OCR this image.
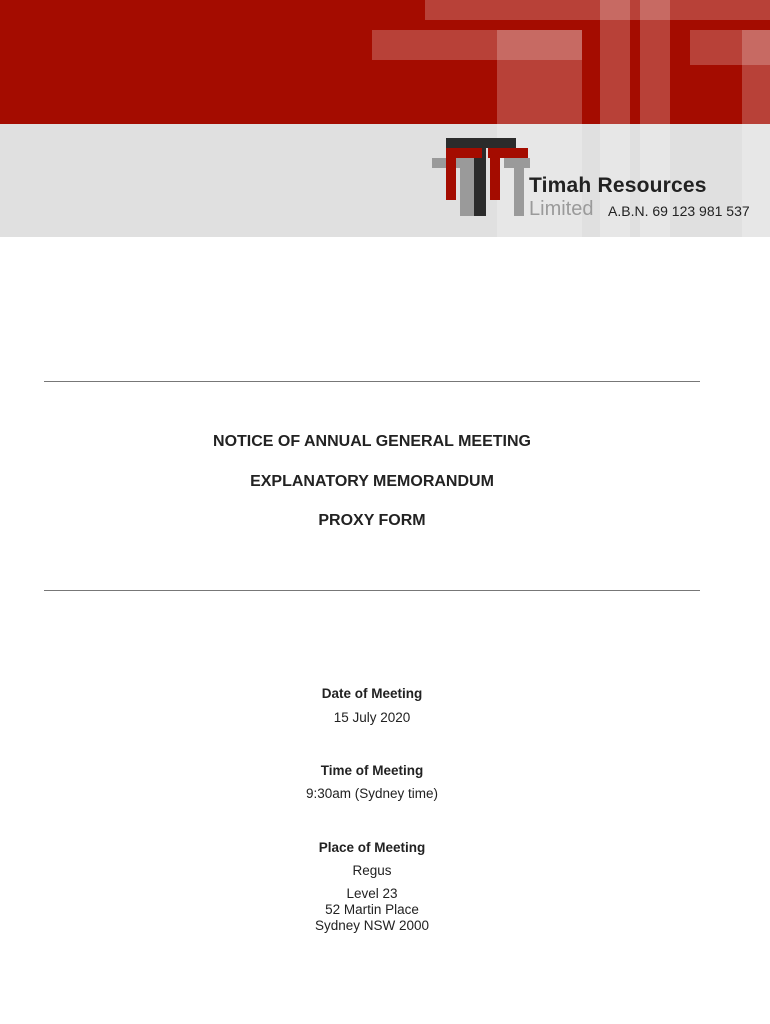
Timah Resources
Limited A.B.N. 69 123 981 537
NOTICE OF ANNUAL GENERAL MEETING
EXPLANATORY MEMORANDUM
PROXY FORM
Date of Meeting
15 July 2020
Time of Meeting
9:30am (Sydney time)
Place of Meeting
Regus
Level 23
52 Martin Place
Sydney NSW 2000
